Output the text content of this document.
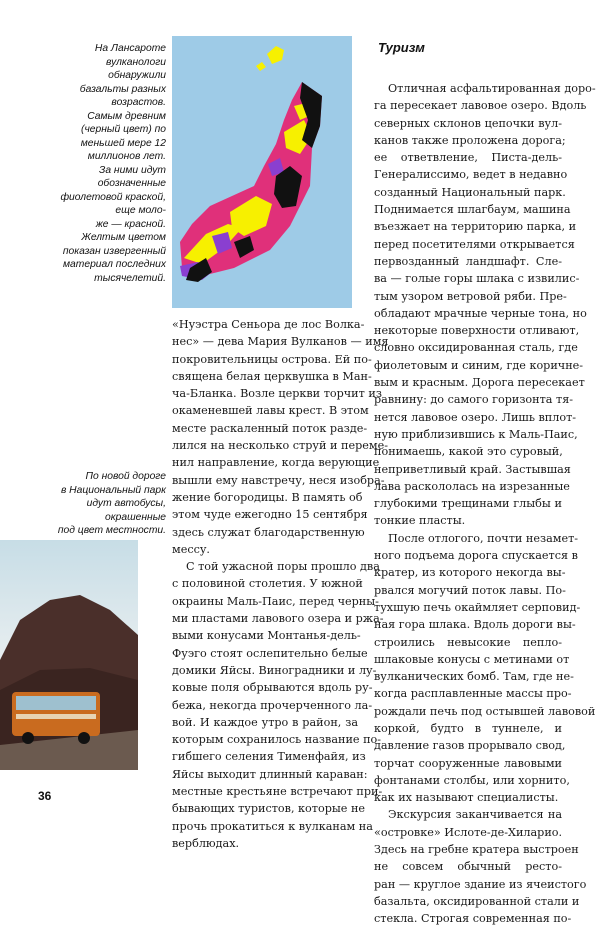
На Лансароте
вулканологи
обнаружили
базальты разных
возрастов.
Самым древним
(черный цвет) по
меньшей мере 12
миллионов лет.
За ними идут
обозначенные
фиолетовой краской,
еще моло-
же — красной.
Желтым цветом
показан извергенный
материал последних
тысячелетий.
Туризм
«Нуэстра Сеньора де лос Волка-
нес» — дева Мария Вулканов — имя
покровительницы острова. Ей по-
священа белая церквушка в Ман-
ча-Бланка. Возле церкви торчит из
окаменевшей лавы крест. В этом
месте раскаленный поток разде-
лился на несколько струй и переме-
нил направление, когда верующие
вышли ему навстречу, неся изобра-
жение богородицы. В память об
этом чуде ежегодно 15 сентября
здесь служат благодарственную
мессу.
С той ужасной поры прошло два
с половиной столетия. У южной
окраины Маль-Паис, перед черны-
ми пластами лавового озера и ржа-
выми конусами Монтанья-дель-
Фуэго стоят ослепительно белые
домики Яйсы. Виноградники и лу-
ковые поля обрываются вдоль ру-
бежа, некогда прочерченного ла-
вой. И каждое утро в район, за
которым сохранилось название по-
гибшего селения Тименфайя, из
Яйсы выходит длинный караван:
местные крестьяне встречают при-
бывающих туристов, которые не
прочь прокатиться к вулканам на
верблюдах.
Отличная асфальтированная доро-
га пересекает лавовое озеро. Вдоль
северных склонов цепочки вул-
канов также проложена дорога;
ее ответвление, Писта-дель-
Генералиссимо, ведет в недавно
созданный Национальный парк.
Поднимается шлагбаум, машина
въезжает на территорию парка, и
перед посетителями открывается
первозданный ландшафт. Сле-
ва — голые горы шлака с извилис-
тым узором ветровой ряби. Пре-
обладают мрачные черные тона, но
некоторые поверхности отливают,
словно оксидированная сталь, где
фиолетовым и синим, где коричне-
вым и красным. Дорога пересекает
равнину: до самого горизонта тя-
нется лавовое озеро. Лишь вплот-
ную приблизившись к Маль-Паис,
понимаешь, какой это суровый,
неприветливый край. Застывшая
лава раскололась на изрезанные
глубокими трещинами глыбы и
тонкие пласты.
После отлогого, почти незамет-
ного подъема дорога спускается в
кратер, из которого некогда вы-
рвался могучий поток лавы. По-
тухшую печь окаймляет серповид-
ная гора шлака. Вдоль дороги вы-
строились невысокие пепло-
шлаковые конусы с метинами от
вулканических бомб. Там, где не-
когда расплавленные массы прo-
рождали печь под остывшей лавовой
коркой, будто в туннеле, и
давление газов прорывало свод,
торчат сооруженные лавовыми
фонтанами столбы, или хорнито,
как их называют специалисты.
Экскурсия заканчивается на
«островке» Ислоте-де-Хиларио.
Здесь на гребне кратера выстроен
не совсем обычный рестo-
ран — круглое здание из ячеистого
базальта, оксидированной стали и
стекла. Строгая современная по-
По новой дороге
в Национальный парк
идут автобусы,
окрашенные
под цвет местности.
36
